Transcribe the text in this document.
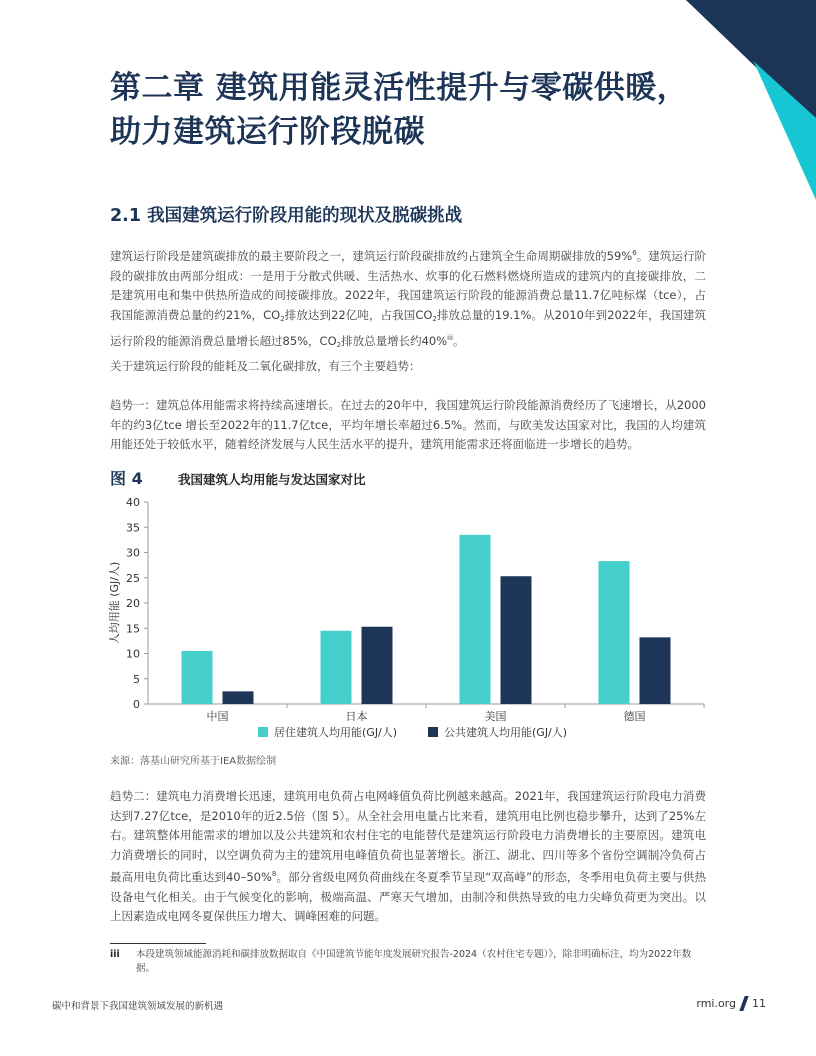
第二章 建筑用能灵活性提升与零碳供暖，
助力建筑运行阶段脱碳
2.1 我国建筑运行阶段用能的现状及脱碳挑战

建筑运行阶段是建筑碳排放的最主要阶段之一，建筑运行阶段碳排放约占建筑全生命周期碳排放的59%$^6$。建筑运行阶段的碳排放由两部分组成：一是用于分散式供暖、生活热水、炊事的化石燃料燃烧所造成的建筑内的直接碳排放，二是建筑用电和集中供热所造成的间接碳排放。2022年，我国建筑运行阶段的能源消费总量11.7亿吨标煤（tce），占我国能源消费总量的约21%，$CO_2$排放达到22亿吨，占我国$CO_2$排放总量的19.1%。从2010年到2022年，我国建筑运行阶段的能源消费总量增长超过85%，$CO_2$排放总量增长约40%$^{iii}$。

关于建筑运行阶段的能耗及二氧化碳排放，有三个主要趋势：

趋势一：建筑总体用能需求将持续高速增长。在过去的20年中，我国建筑运行阶段能源消费经历了飞速增长，从2000年的约3亿tce 增长至2022年的11.7亿tce，平均年增长率超过6.5%。然而，与欧美发达国家对比，我国的人均建筑用能还处于较低水平，随着经济发展与人民生活水平的提升，建筑用能需求还将面临进一步增长的趋势。

图 4	我国建筑人均用能与发达国家对比
0
5
10
15
20
25
30
35
40
人均用能 (GJ/人)
中国	日本	美国	德国
居住建筑人均用能(GJ/人)	公共建筑人均用能(GJ/人)
来源：落基山研究所基于IEA数据绘制

趋势二：建筑电力消费增长迅速，建筑用电负荷占电网峰值负荷比例越来越高。2021年，我国建筑运行阶段电力消费达到7.27亿tce，是2010年的近2.5倍（图 5）。从全社会用电量占比来看，建筑用电比例也稳步攀升，达到了25%左右。建筑整体用能需求的增加以及公共建筑和农村住宅的电能替代是建筑运行阶段电力消费增长的主要原因。建筑电力消费增长的同时，以空调负荷为主的建筑用电峰值负荷也显著增长。浙江、湖北、四川等多个省份空调制冷负荷占最高用电负荷比重达到40–50%$^8$。部分省级电网负荷曲线在冬夏季节呈现“双高峰”的形态，冬季用电负荷主要与供热设备电气化相关。由于气候变化的影响，极端高温、严寒天气增加，由制冷和供热导致的电力尖峰负荷更为突出。以上因素造成电网冬夏保供压力增大、调峰困难的问题。

iii 本段建筑领域能源消耗和碳排放数据取自《中国建筑节能年度发展研究报告-2024（农村住宅专题）》，除非明确标注，均为2022年数据。
碳中和背景下我国建筑领域发展的新机遇	rmi.org 11
